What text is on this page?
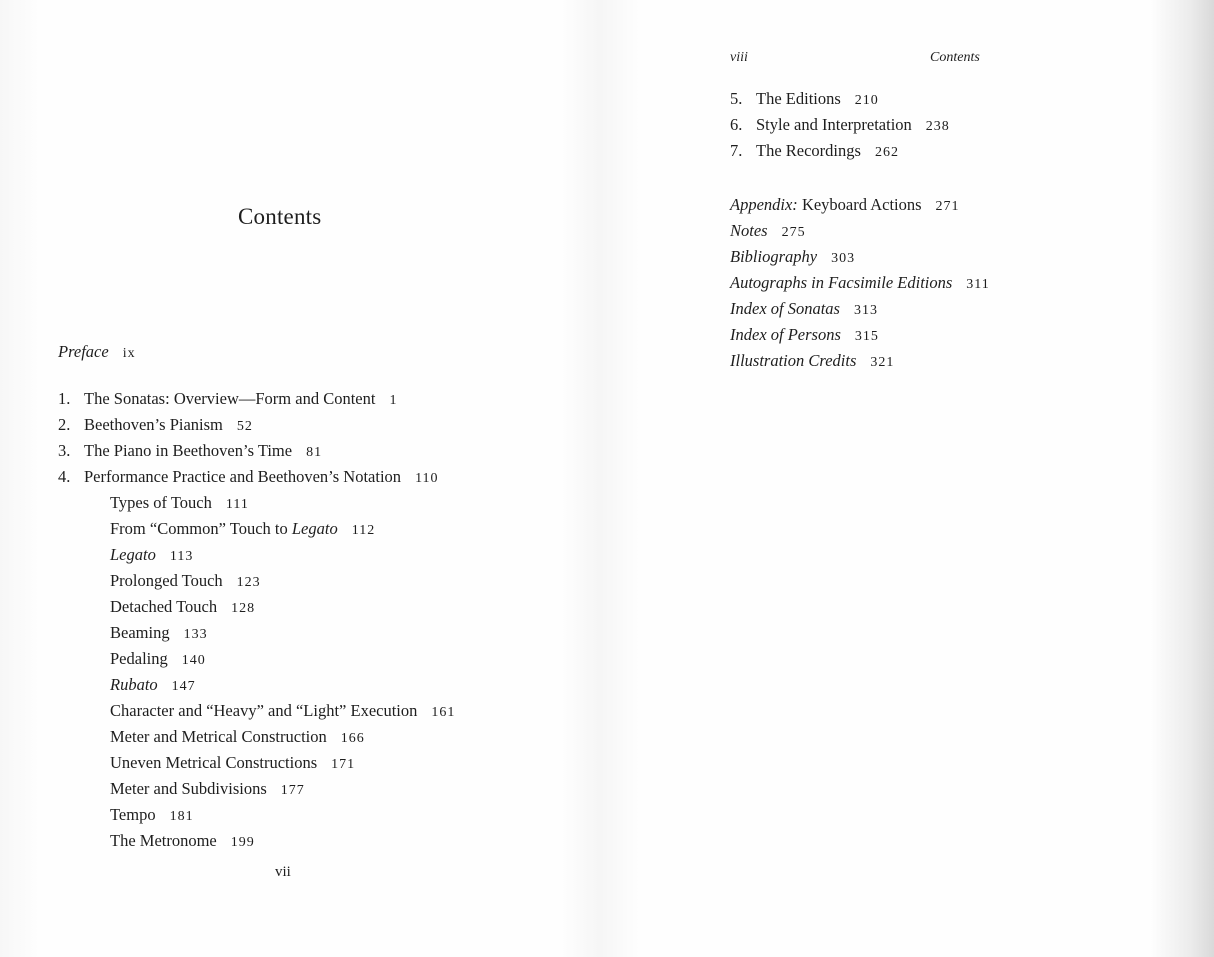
Contents
Preface ix
1. The Sonatas: Overview—Form and Content 1
2. Beethoven’s Pianism 52
3. The Piano in Beethoven’s Time 81
4. Performance Practice and Beethoven’s Notation 110
Types of Touch 111
From “Common” Touch to Legato 112
Legato 113
Prolonged Touch 123
Detached Touch 128
Beaming 133
Pedaling 140
Rubato 147
Character and “Heavy” and “Light” Execution 161
Meter and Metrical Construction 166
Uneven Metrical Constructions 171
Meter and Subdivisions 177
Tempo 181
The Metronome 199
vii
viii	Contents
5. The Editions 210
6. Style and Interpretation 238
7. The Recordings 262
Appendix: Keyboard Actions 271
Notes 275
Bibliography 303
Autographs in Facsimile Editions 311
Index of Sonatas 313
Index of Persons 315
Illustration Credits 321
